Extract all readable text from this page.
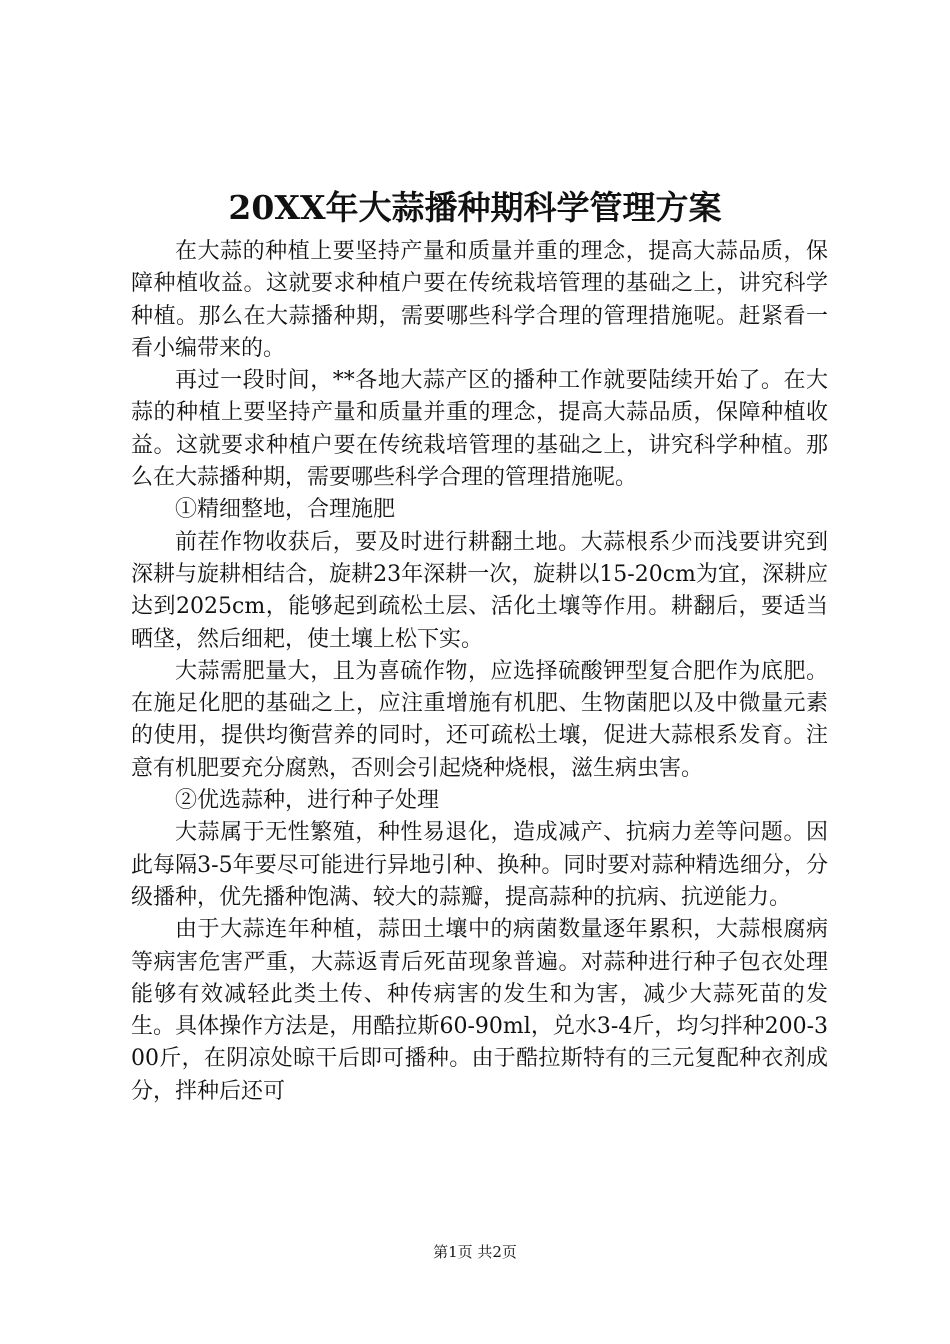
20XX年大蒜播种期科学管理方案

在大蒜的种植上要坚持产量和质量并重的理念，提高大蒜品质，保障种植收益。这就要求种植户要在传统栽培管理的基础之上，讲究科学种植。那么在大蒜播种期，需要哪些科学合理的管理措施呢。赶紧看一看小编带来的。

再过一段时间，**各地大蒜产区的播种工作就要陆续开始了。在大蒜的种植上要坚持产量和质量并重的理念，提高大蒜品质，保障种植收益。这就要求种植户要在传统栽培管理的基础之上，讲究科学种植。那么在大蒜播种期，需要哪些科学合理的管理措施呢。

①精细整地，合理施肥

前茬作物收获后，要及时进行耕翻土地。大蒜根系少而浅要讲究到深耕与旋耕相结合，旋耕23年深耕一次，旋耕以15-20cm为宜，深耕应达到2025cm，能够起到疏松土层、活化土壤等作用。耕翻后，要适当晒垡，然后细耙，使土壤上松下实。

大蒜需肥量大，且为喜硫作物，应选择硫酸钾型复合肥作为底肥。在施足化肥的基础之上，应注重增施有机肥、生物菌肥以及中微量元素的使用，提供均衡营养的同时，还可疏松土壤，促进大蒜根系发育。注意有机肥要充分腐熟，否则会引起烧种烧根，滋生病虫害。

②优选蒜种，进行种子处理

大蒜属于无性繁殖，种性易退化，造成减产、抗病力差等问题。因此每隔3-5年要尽可能进行异地引种、换种。同时要对蒜种精选细分，分级播种，优先播种饱满、较大的蒜瓣，提高蒜种的抗病、抗逆能力。

由于大蒜连年种植，蒜田土壤中的病菌数量逐年累积，大蒜根腐病等病害危害严重，大蒜返青后死苗现象普遍。对蒜种进行种子包衣处理能够有效减轻此类土传、种传病害的发生和为害，减少大蒜死苗的发生。具体操作方法是，用酷拉斯60-90ml，兑水3-4斤，均匀拌种200-300斤，在阴凉处晾干后即可播种。由于酷拉斯特有的三元复配种衣剂成分，拌种后还可

第1页 共2页
